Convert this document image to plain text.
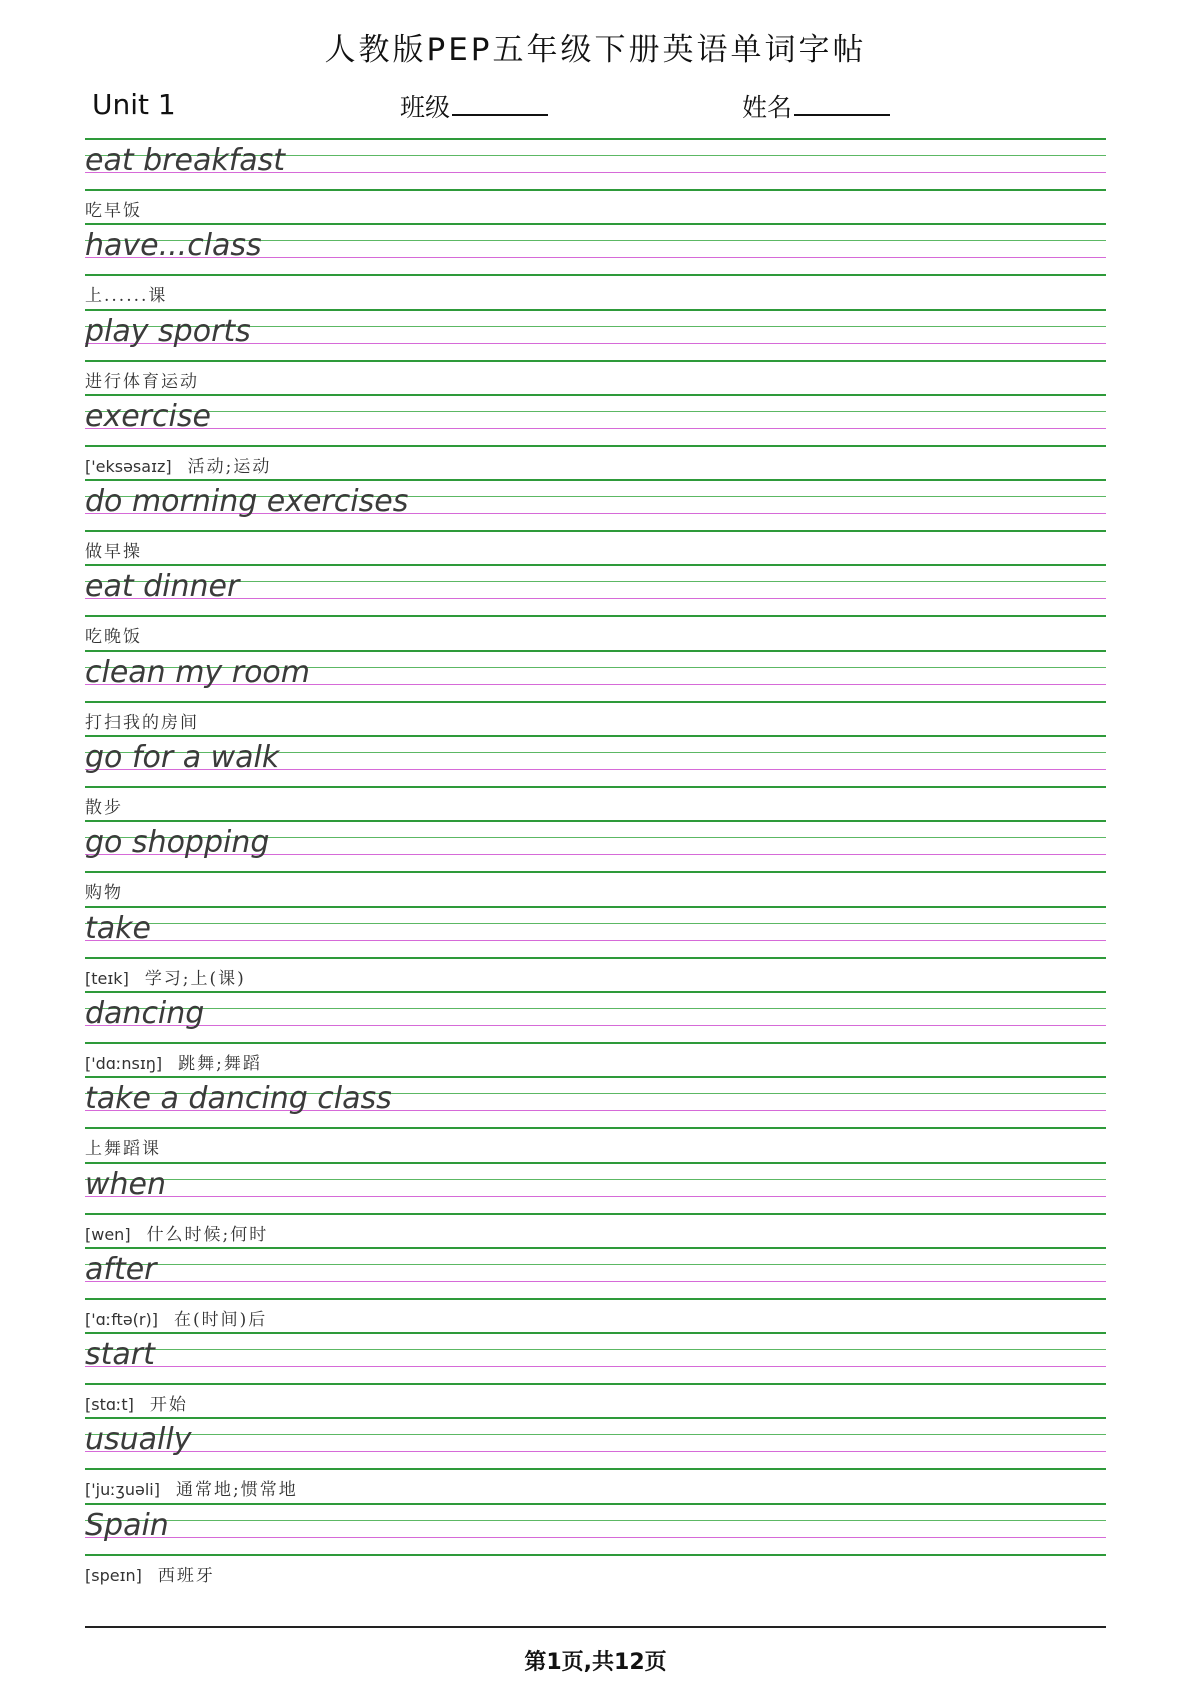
人教版PEP五年级下册英语单词字帖
Unit 1	班级	姓名
eat breakfast
吃早饭
have...class
上......课
play sports
进行体育运动
exercise
['eksəsaɪz] 活动;运动
do morning exercises
做早操
eat dinner
吃晚饭
clean my room
打扫我的房间
go for a walk
散步
go shopping
购物
take
[teɪk] 学习;上(课)
dancing
['dɑːnsɪŋ] 跳舞;舞蹈
take a dancing class
上舞蹈课
when
[wen] 什么时候;何时
after
['ɑːftə(r)] 在(时间)后
start
[stɑːt] 开始
usually
['juːʒuəli] 通常地;惯常地
Spain
[speɪn] 西班牙
第1页,共12页
